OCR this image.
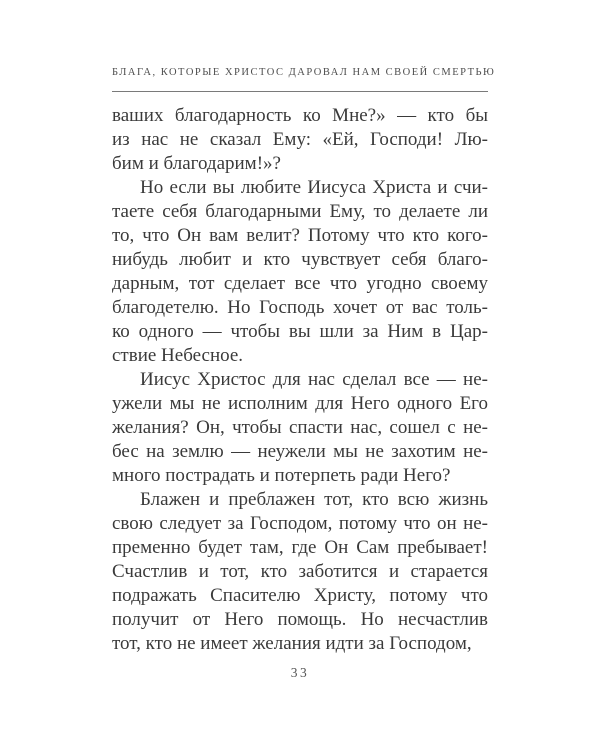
БЛАГА, КОТОРЫЕ ХРИСТОС ДАРОВАЛ НАМ СВОЕЙ СМЕРТЬЮ
ваших благодарность ко Мне?» — кто бы
из нас не сказал Ему: «Ей, Господи! Лю-
бим и благодарим!»?
Но если вы любите Иисуса Христа и счи-
таете себя благодарными Ему, то делаете ли
то, что Он вам велит? Потому что кто кого-
нибудь любит и кто чувствует себя благо-
дарным, тот сделает все что угодно своему
благодетелю. Но Господь хочет от вас толь-
ко одного — чтобы вы шли за Ним в Цар-
ствие Небесное.
Иисус Христос для нас сделал все — не-
ужели мы не исполним для Него одного Его
желания? Он, чтобы спасти нас, сошел с не-
бес на землю — неужели мы не захотим не-
много пострадать и потерпеть ради Него?
Блажен и преблажен тот, кто всю жизнь
свою следует за Господом, потому что он не-
пременно будет там, где Он Сам пребывает!
Счастлив и тот, кто заботится и старается
подражать Спасителю Христу, потому что
получит от Него помощь. Но несчастлив
тот, кто не имеет желания идти за Господом,
33
